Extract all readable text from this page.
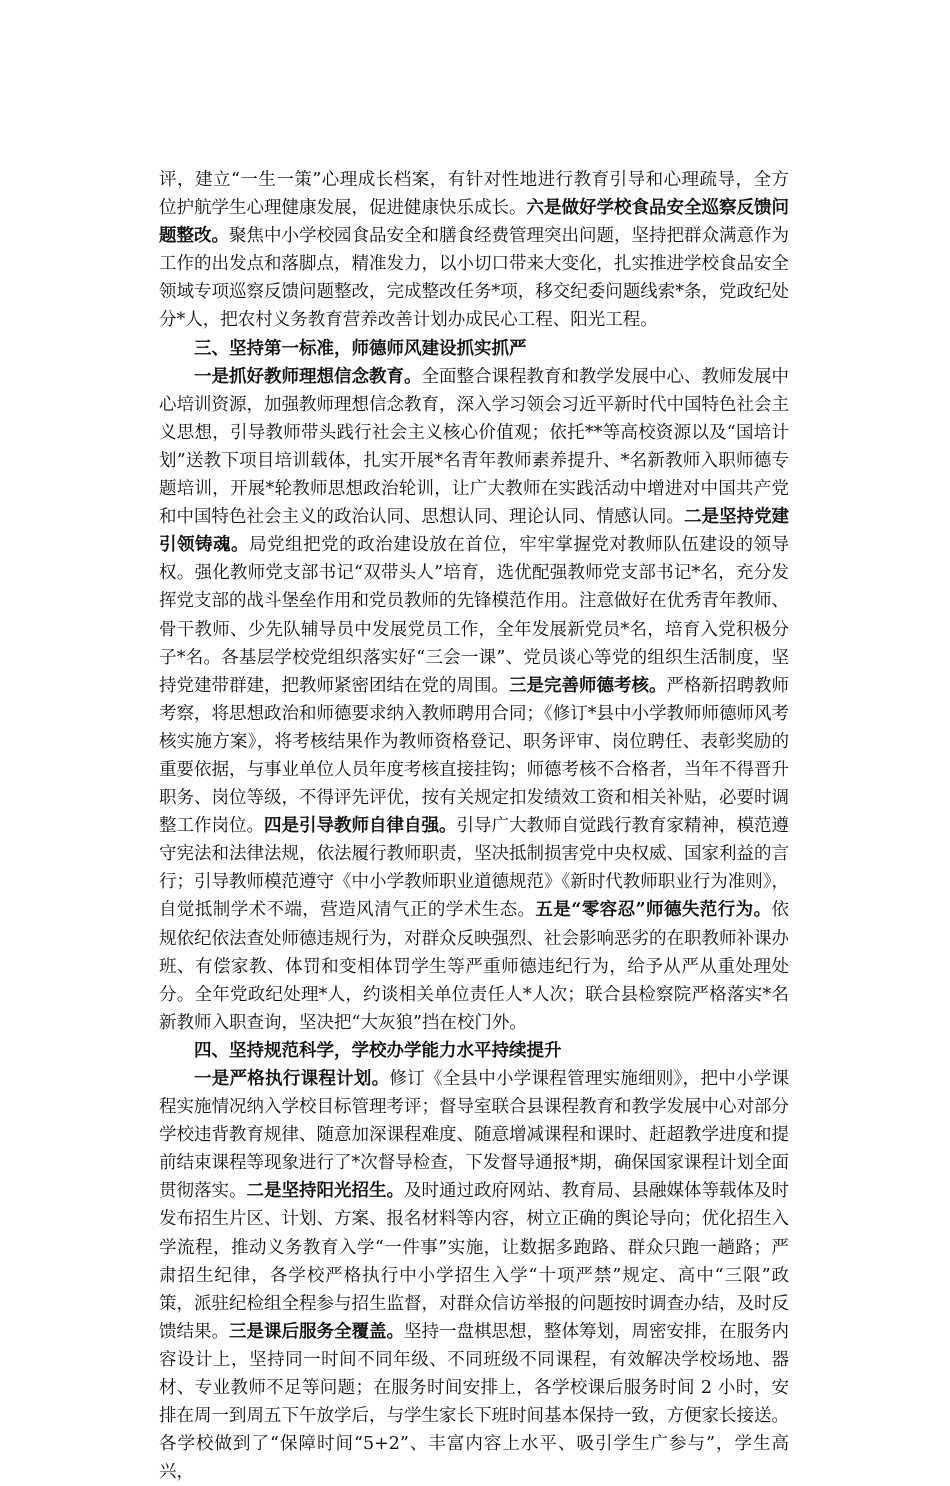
评，建立“一生一策”心理成长档案，有针对性地进行教育引导和心理疏导，全方位护航学生心理健康发展，促进健康快乐成长。六是做好学校食品安全巡察反馈问题整改。聚焦中小学校园食品安全和膳食经费管理突出问题，坚持把群众满意作为工作的出发点和落脚点，精准发力，以小切口带来大变化，扎实推进学校食品安全领域专项巡察反馈问题整改，完成整改任务*项，移交纪委问题线索*条，党政纪处分*人，把农村义务教育营养改善计划办成民心工程、阳光工程。

三、坚持第一标准，师德师风建设抓实抓严

一是抓好教师理想信念教育。全面整合课程教育和教学发展中心、教师发展中心培训资源，加强教师理想信念教育，深入学习领会习近平新时代中国特色社会主义思想，引导教师带头践行社会主义核心价值观；依托**等高校资源以及“国培计划”送教下项目培训载体，扎实开展*名青年教师素养提升、*名新教师入职师德专题培训，开展*轮教师思想政治轮训，让广大教师在实践活动中增进对中国共产党和中国特色社会主义的政治认同、思想认同、理论认同、情感认同。二是坚持党建引领铸魂。局党组把党的政治建设放在首位，牢牢掌握党对教师队伍建设的领导权。强化教师党支部书记“双带头人”培育，选优配强教师党支部书记*名，充分发挥党支部的战斗堡垒作用和党员教师的先锋模范作用。注意做好在优秀青年教师、骨干教师、少先队辅导员中发展党员工作，全年发展新党员*名，培育入党积极分子*名。各基层学校党组织落实好“三会一课”、党员谈心等党的组织生活制度，坚持党建带群建，把教师紧密团结在党的周围。三是完善师德考核。严格新招聘教师考察，将思想政治和师德要求纳入教师聘用合同；《修订*县中小学教师师德师风考核实施方案》，将考核结果作为教师资格登记、职务评审、岗位聘任、表彰奖励的重要依据，与事业单位人员年度考核直接挂钩；师德考核不合格者，当年不得晋升职务、岗位等级，不得评先评优，按有关规定扣发绩效工资和相关补贴，必要时调整工作岗位。四是引导教师自律自强。引导广大教师自觉践行教育家精神，模范遵守宪法和法律法规，依法履行教师职责，坚决抵制损害党中央权威、国家利益的言行；引导教师模范遵守《中小学教师职业道德规范》《新时代教师职业行为准则》，自觉抵制学术不端，营造风清气正的学术生态。五是“零容忍”师德失范行为。依规依纪依法查处师德违规行为，对群众反映强烈、社会影响恶劣的在职教师补课办班、有偿家教、体罚和变相体罚学生等严重师德违纪行为，给予从严从重处理处分。全年党政纪处理*人，约谈相关单位责任人*人次；联合县检察院严格落实*名新教师入职查询，坚决把“大灰狼”挡在校门外。

四、坚持规范科学，学校办学能力水平持续提升

一是严格执行课程计划。修订《全县中小学课程管理实施细则》，把中小学课程实施情况纳入学校目标管理考评；督导室联合县课程教育和教学发展中心对部分学校违背教育规律、随意加深课程难度、随意增减课程和课时、赶超教学进度和提前结束课程等现象进行了*次督导检查，下发督导通报*期，确保国家课程计划全面贯彻落实。二是坚持阳光招生。及时通过政府网站、教育局、县融媒体等载体及时发布招生片区、计划、方案、报名材料等内容，树立正确的舆论导向；优化招生入学流程，推动义务教育入学“一件事”实施，让数据多跑路、群众只跑一趟路；严肃招生纪律，各学校严格执行中小学招生入学“十项严禁”规定、高中“三限”政策，派驻纪检组全程参与招生监督，对群众信访举报的问题按时调查办结，及时反馈结果。三是课后服务全覆盖。坚持一盘棋思想，整体筹划，周密安排，在服务内容设计上，坚持同一时间不同年级、不同班级不同课程，有效解决学校场地、器材、专业教师不足等问题；在服务时间安排上，各学校课后服务时间 2 小时，安排在周一到周五下午放学后，与学生家长下班时间基本保持一致，方便家长接送。各学校做到了“保障时间“5+2”、丰富内容上水平、吸引学生广参与”，学生高兴，
